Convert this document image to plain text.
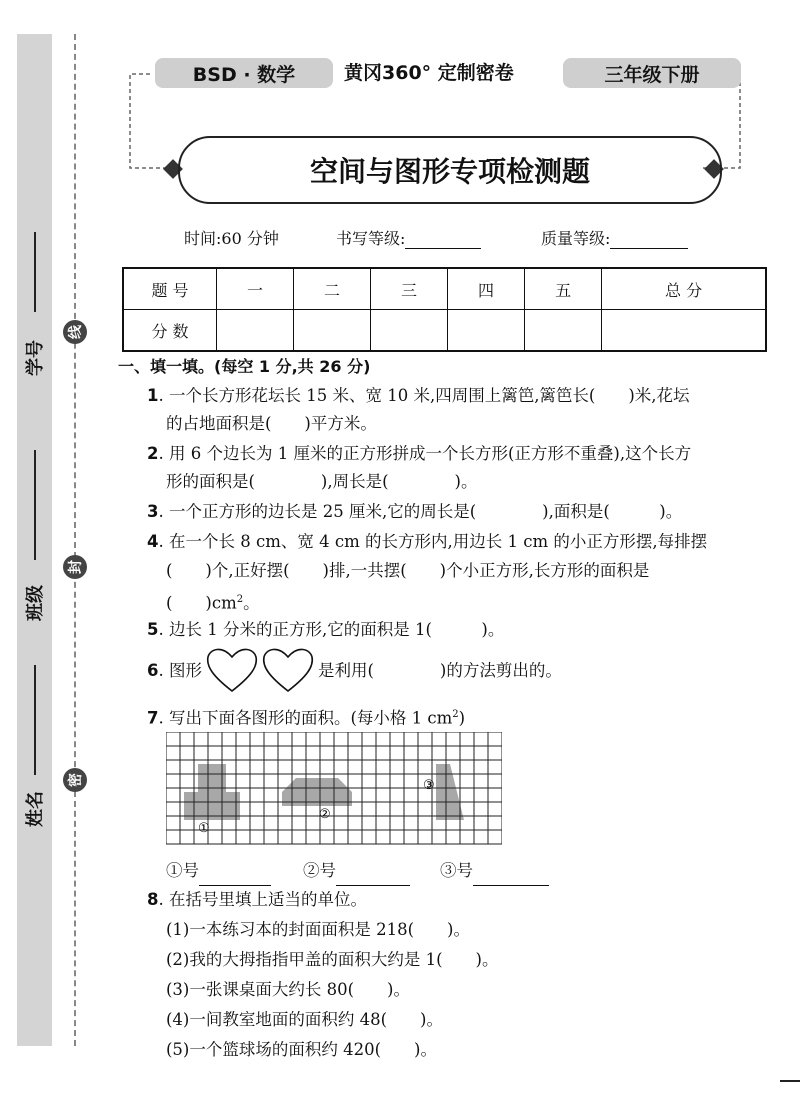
学号
班级
姓名
线
封
密
BSD · 数学	黄冈360° 定制密卷	三年级下册
空间与图形专项检测题
时间:60 分钟	书写等级:	质量等级:
题 号	一	二	三	四	五	总 分
分 数						
一、填一填。(每空 1 分,共 26 分)
1. 一个长方形花坛长 15 米、宽 10 米,四周围上篱笆,篱笆长(　　)米,花坛
的占地面积是(　　)平方米。
2. 用 6 个边长为 1 厘米的正方形拼成一个长方形(正方形不重叠),这个长方
形的面积是(　　　　),周长是(　　　　)。
3. 一个正方形的边长是 25 厘米,它的周长是(　　　　),面积是(　　　)。
4. 在一个长 8 cm、宽 4 cm 的长方形内,用边长 1 cm 的小正方形摆,每排摆
(　　)个,正好摆(　　)排,一共摆(　　)个小正方形,长方形的面积是
(　　)$cm^2$。
5. 边长 1 分米的正方形,它的面积是 1(　　　)。
6. 图形	是利用(　　　　)的方法剪出的。
7. 写出下面各图形的面积。(每小格 1 $cm^2$)
①
②
③
①号	②号	③号
8. 在括号里填上适当的单位。
(1)一本练习本的封面面积是 218(　　)。
(2)我的大拇指指甲盖的面积大约是 1(　　)。
(3)一张课桌面大约长 80(　　)。
(4)一间教室地面的面积约 48(　　)。
(5)一个篮球场的面积约 420(　　)。
